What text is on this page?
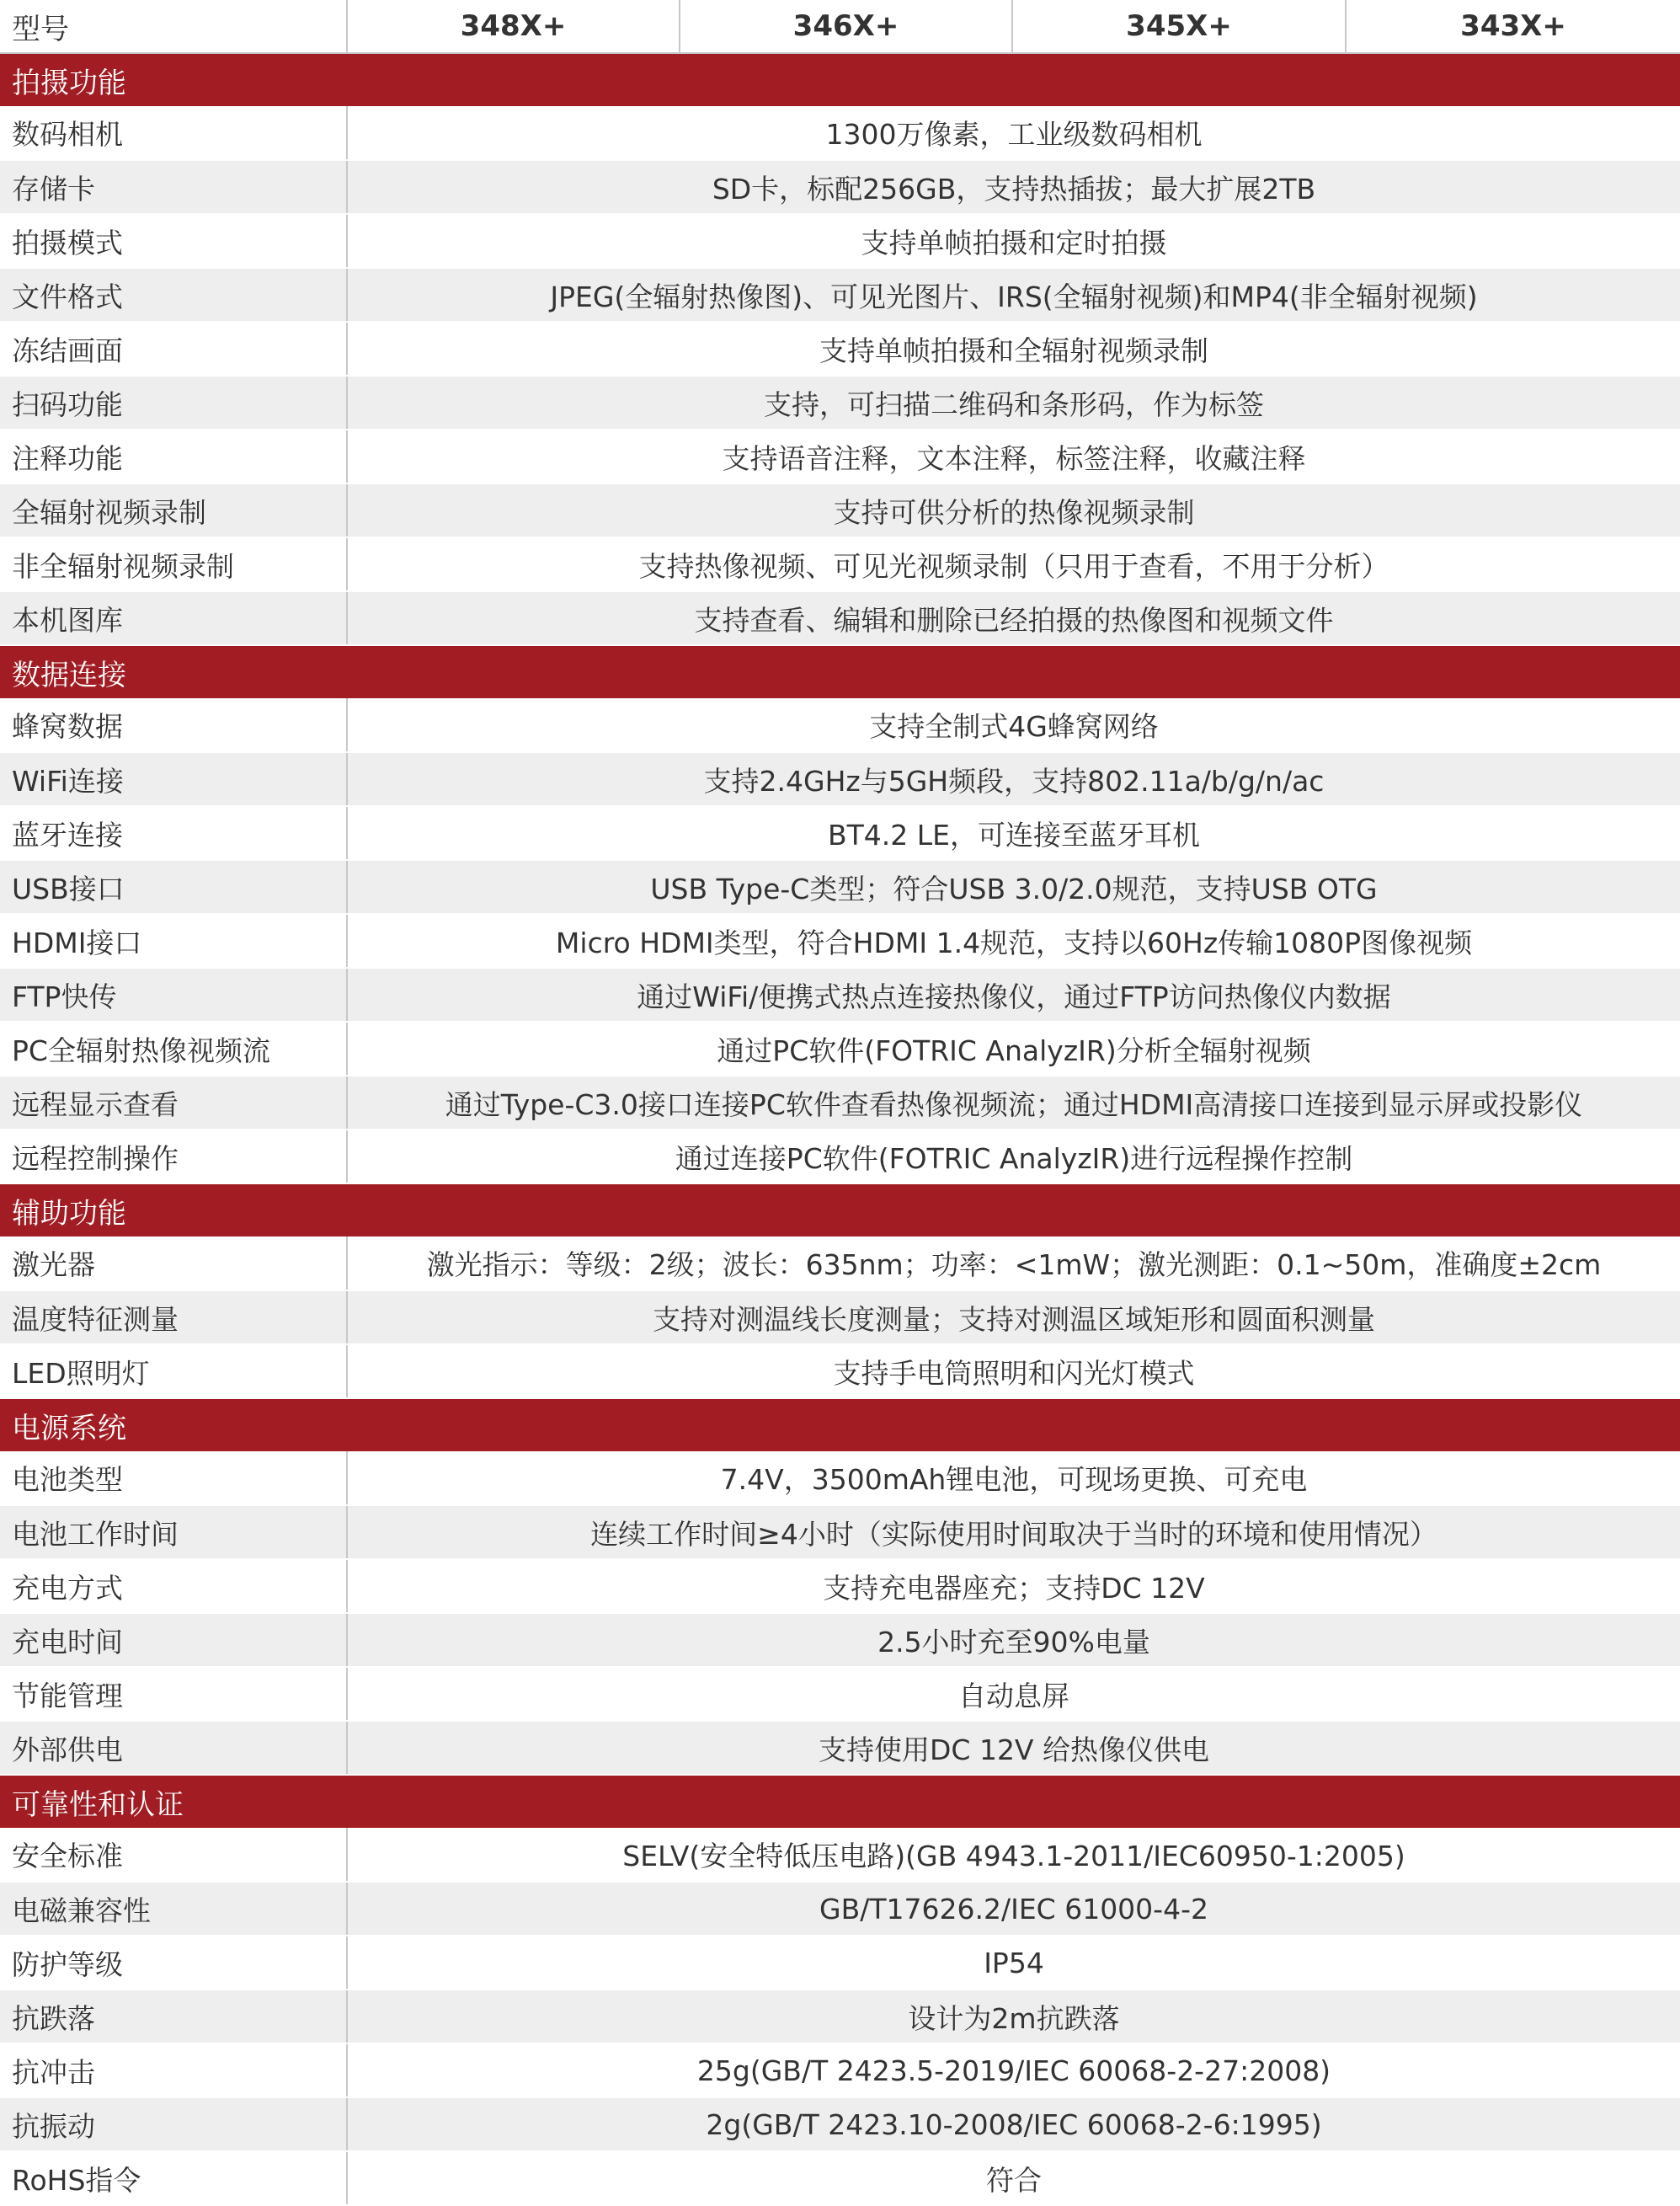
型号	348X+	346X+	345X+	343X+
拍摄功能				
数码相机	1300万像素，工业级数码相机			
存储卡	SD卡，标配256GB，支持热插拔；最大扩展2TB			
拍摄模式	支持单帧拍摄和定时拍摄			
文件格式	JPEG(全辐射热像图)、可见光图片、IRS(全辐射视频)和MP4(非全辐射视频)			
冻结画面	支持单帧拍摄和全辐射视频录制			
扫码功能	支持，可扫描二维码和条形码，作为标签			
注释功能	支持语音注释，文本注释，标签注释，收藏注释			
全辐射视频录制	支持可供分析的热像视频录制			
非全辐射视频录制	支持热像视频、可见光视频录制（只用于查看，不用于分析）			
本机图库	支持查看、编辑和删除已经拍摄的热像图和视频文件			
数据连接				
蜂窝数据	支持全制式4G蜂窝网络			
WiFi连接	支持2.4GHz与5GH频段，支持802.11a/b/g/n/ac			
蓝牙连接	BT4.2 LE，可连接至蓝牙耳机			
USB接口	USB Type-C类型；符合USB 3.0/2.0规范，支持USB OTG			
HDMI接口	Micro HDMI类型，符合HDMI 1.4规范，支持以60Hz传输1080P图像视频			
FTP快传	通过WiFi/便携式热点连接热像仪，通过FTP访问热像仪内数据			
PC全辐射热像视频流	通过PC软件(FOTRIC AnalyzIR)分析全辐射视频			
远程显示查看	通过Type-C3.0接口连接PC软件查看热像视频流；通过HDMI高清接口连接到显示屏或投影仪			
远程控制操作	通过连接PC软件(FOTRIC AnalyzIR)进行远程操作控制			
辅助功能				
激光器	激光指示：等级：2级；波长：635nm；功率：<1mW；激光测距：0.1~50m，准确度±2cm			
温度特征测量	支持对测温线长度测量；支持对测温区域矩形和圆面积测量			
LED照明灯	支持手电筒照明和闪光灯模式			
电源系统				
电池类型	7.4V，3500mAh锂电池，可现场更换、可充电			
电池工作时间	连续工作时间≥4小时（实际使用时间取决于当时的环境和使用情况）			
充电方式	支持充电器座充；支持DC 12V			
充电时间	2.5小时充至90%电量			
节能管理	自动息屏			
外部供电	支持使用DC 12V 给热像仪供电			
可靠性和认证				
安全标准	SELV(安全特低压电路)(GB 4943.1-2011/IEC60950-1:2005)			
电磁兼容性	GB/T17626.2/IEC 61000-4-2			
防护等级	IP54			
抗跌落	设计为2m抗跌落			
抗冲击	25g(GB/T 2423.5-2019/IEC 60068-2-27:2008)			
抗振动	2g(GB/T 2423.10-2008/IEC 60068-2-6:1995)			
RoHS指令	符合			
